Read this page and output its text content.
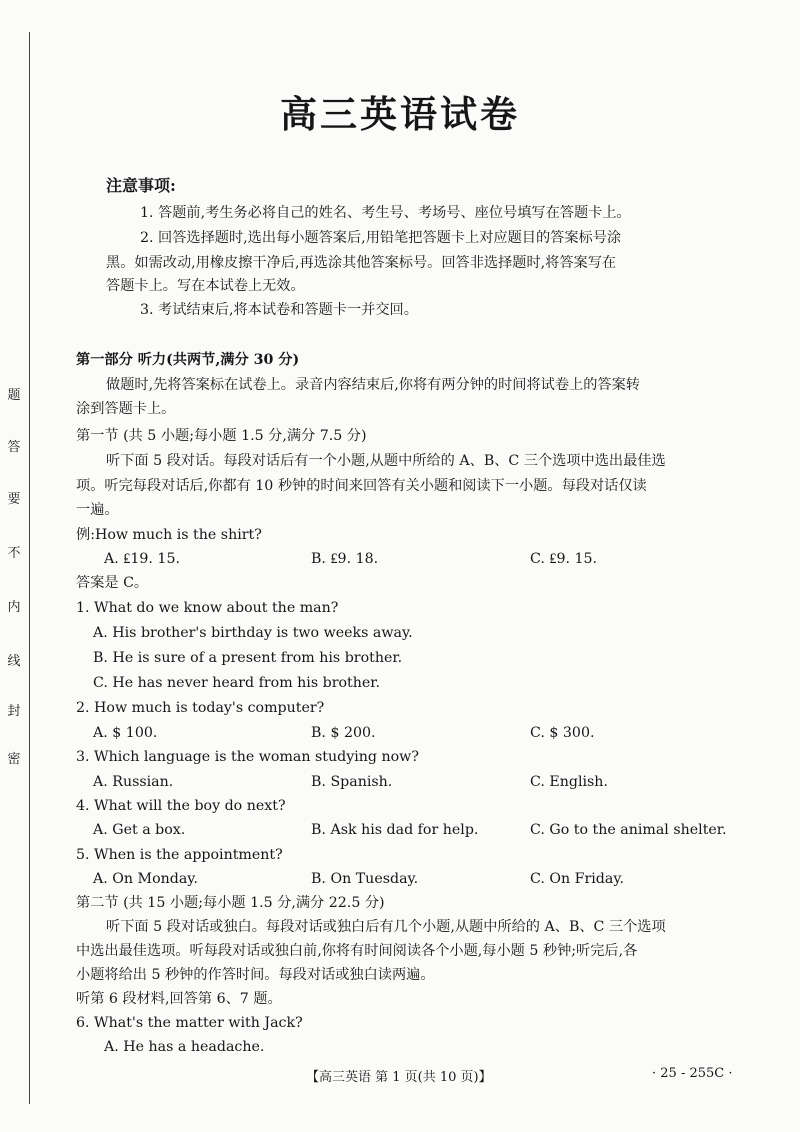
题
答
要
不
内
线
封
密
高三英语试卷
注意事项:
1. 答题前,考生务必将自己的姓名、考生号、考场号、座位号填写在答题卡上。
2. 回答选择题时,选出每小题答案后,用铅笔把答题卡上对应题目的答案标号涂
黑。如需改动,用橡皮擦干净后,再选涂其他答案标号。回答非选择题时,将答案写在
答题卡上。写在本试卷上无效。
3. 考试结束后,将本试卷和答题卡一并交回。
第一部分 听力(共两节,满分 30 分)
做题时,先将答案标在试卷上。录音内容结束后,你将有两分钟的时间将试卷上的答案转
涂到答题卡上。
第一节 (共 5 小题;每小题 1.5 分,满分 7.5 分)
听下面 5 段对话。每段对话后有一个小题,从题中所给的 A、B、C 三个选项中选出最佳选
项。听完每段对话后,你都有 10 秒钟的时间来回答有关小题和阅读下一小题。每段对话仅读
一遍。
例:How much is the shirt?
A. ₤19. 15.	B. ₤9. 18.	C. ₤9. 15.
答案是 C。
1. What do we know about the man?
A. His brother's birthday is two weeks away.
B. He is sure of a present from his brother.
C. He has never heard from his brother.
2. How much is today's computer?
A. $ 100.	B. $ 200.	C. $ 300.
3. Which language is the woman studying now?
A. Russian.	B. Spanish.	C. English.
4. What will the boy do next?
A. Get a box.	B. Ask his dad for help.	C. Go to the animal shelter.
5. When is the appointment?
A. On Monday.	B. On Tuesday.	C. On Friday.
第二节 (共 15 小题;每小题 1.5 分,满分 22.5 分)
听下面 5 段对话或独白。每段对话或独白后有几个小题,从题中所给的 A、B、C 三个选项
中选出最佳选项。听每段对话或独白前,你将有时间阅读各个小题,每小题 5 秒钟;听完后,各
小题将给出 5 秒钟的作答时间。每段对话或独白读两遍。
听第 6 段材料,回答第 6、7 题。
6. What's the matter with Jack?
A. He has a headache.
【高三英语 第 1 页(共 10 页)】	· 25 - 255C ·
